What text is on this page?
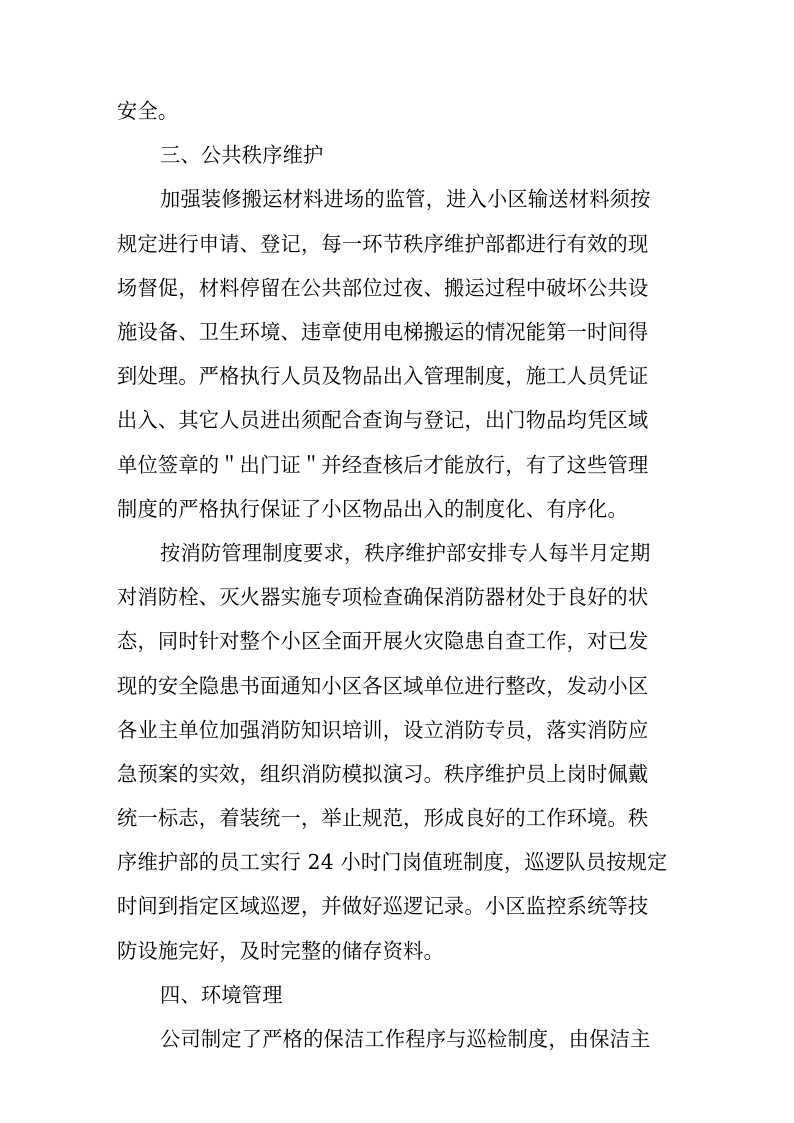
安全。
三、公共秩序维护
加强装修搬运材料进场的监管，进入小区输送材料须按
规定进行申请、登记，每一环节秩序维护部都进行有效的现
场督促，材料停留在公共部位过夜、搬运过程中破坏公共设
施设备、卫生环境、违章使用电梯搬运的情况能第一时间得
到处理。严格执行人员及物品出入管理制度，施工人员凭证
出入、其它人员进出须配合查询与登记，出门物品均凭区域
单位签章的＂出门证＂并经查核后才能放行，有了这些管理
制度的严格执行保证了小区物品出入的制度化、有序化。
按消防管理制度要求，秩序维护部安排专人每半月定期
对消防栓、灭火器实施专项检查确保消防器材处于良好的状
态，同时针对整个小区全面开展火灾隐患自查工作，对已发
现的安全隐患书面通知小区各区域单位进行整改，发动小区
各业主单位加强消防知识培训，设立消防专员，落实消防应
急预案的实效，组织消防模拟演习。秩序维护员上岗时佩戴
统一标志，着装统一，举止规范，形成良好的工作环境。秩
序维护部的员工实行 24 小时门岗值班制度，巡逻队员按规定
时间到指定区域巡逻，并做好巡逻记录。小区监控系统等技
防设施完好，及时完整的储存资料。
四、环境管理
公司制定了严格的保洁工作程序与巡检制度，由保洁主
